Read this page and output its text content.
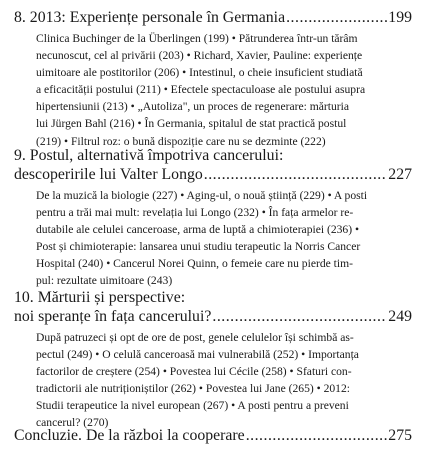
8. 2013: Experiențe personale în Germania .....	199
Clinica Buchinger de la Überlingen (199) • Pătrunderea într-un tărâm
necunoscut, cel al privării (203) • Richard, Xavier, Pauline: experiențe
uimitoare ale postitorilor (206) • Intestinul, o cheie insuficient studiată
a eficacității postului (211) • Efectele spectaculoase ale postului asupra
hipertensiunii (213) • „Autoliza", un proces de regenerare: mărturia
lui Jürgen Bahl (216) • În Germania, spitalul de stat practică postul
(219) • Filtrul roz: o bună dispoziție care nu se dezminte (222)
9. Postul, alternativă împotriva cancerului:
descoperirile lui Valter Longo .....	227
De la muzică la biologie (227) • Aging-ul, o nouă știință (229) • A posti
pentru a trăi mai mult: revelația lui Longo (232) • În fața armelor re-
dutabile ale celulei canceroase, arma de luptă a chimioterapiei (236) •
Post și chimioterapie: lansarea unui studiu terapeutic la Norris Cancer
Hospital (240) • Cancerul Norei Quinn, o femeie care nu pierde tim-
pul: rezultate uimitoare (243)
10. Mărturii și perspective:
noi speranțe în fața cancerului? .....	249
După patruzeci și opt de ore de post, genele celulelor își schimbă as-
pectul (249) • O celulă canceroasă mai vulnerabilă (252) • Importanța
factorilor de creștere (254) • Povestea lui Cécile (258) • Sfaturi con-
tradictorii ale nutriționiștilor (262) • Povestea lui Jane (265) • 2012:
Studii terapeutice la nivel european (267) • A posti pentru a preveni
cancerul? (270)
Concluzie. De la război la cooperare .....	275
